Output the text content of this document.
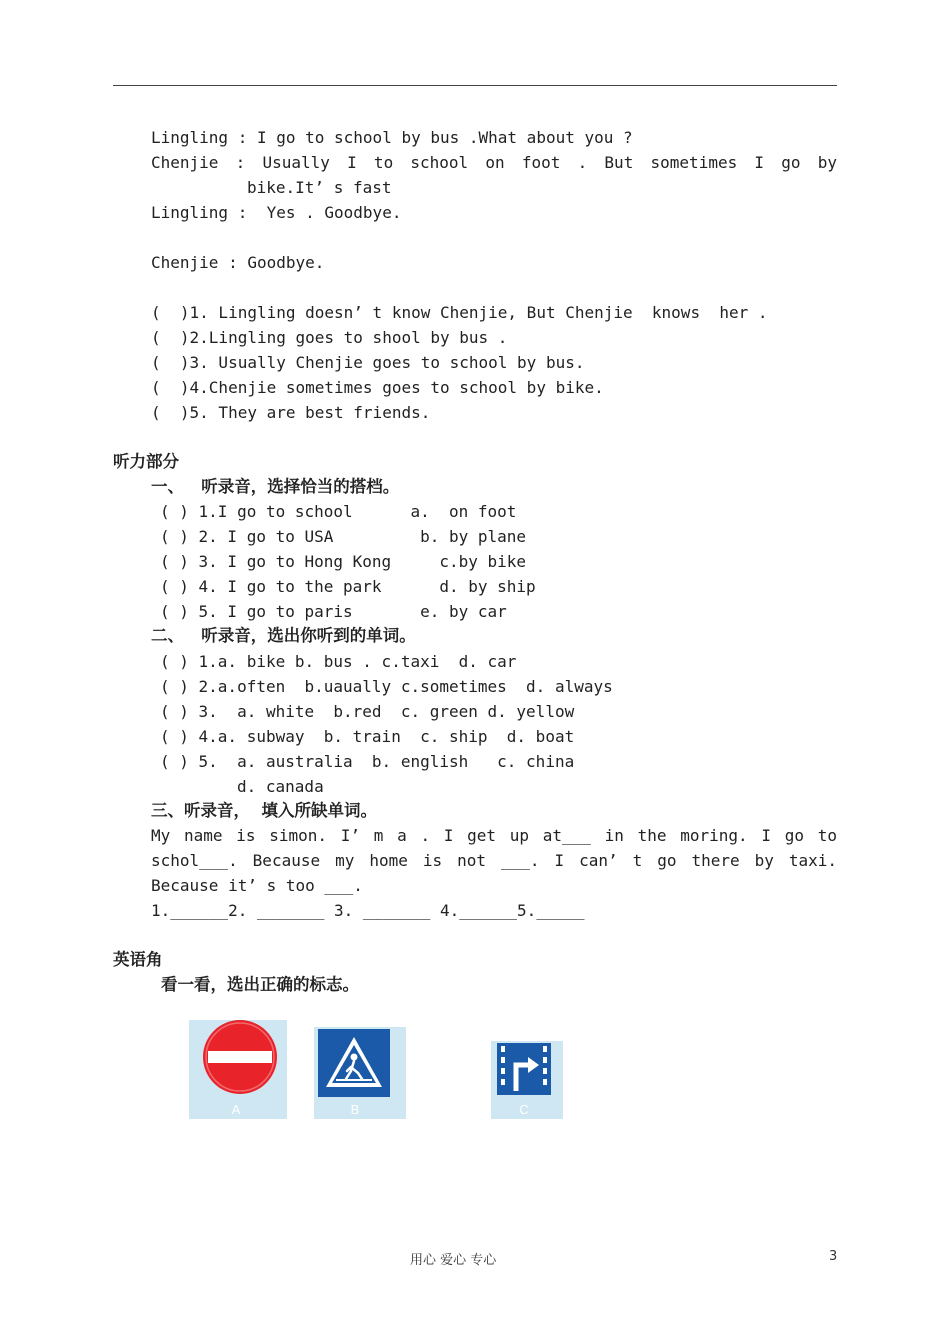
Lingling : I go to school by bus .What about you ?
Chenjie : Usually I to school on foot . But sometimes I go by
bike.It’ s fast
Lingling :  Yes . Goodbye.
Chenjie : Goodbye.
(  )1. Lingling doesn’ t know Chenjie, But Chenjie  knows  her .
(  )2.Lingling goes to shool by bus .
(  )3. Usually Chenjie goes to school by bus.
(  )4.Chenjie sometimes goes to school by bike.
(  )5. They are best friends.
听力部分
一、   听录音，选择恰当的搭档。
( ) 1.I go to school      a.  on foot
( ) 2. I go to USA         b. by plane
( ) 3. I go to Hong Kong     c.by bike
( ) 4. I go to the park      d. by ship
( ) 5. I go to paris       e. by car
二、   听录音，选出你听到的单词。
( ) 1.a. bike b. bus . c.taxi  d. car
( ) 2.a.often  b.uaually c.sometimes  d. always
( ) 3.  a. white  b.red  c. green d. yellow
( ) 4.a. subway  b. train  c. ship  d. boat
( ) 5.  a. australia  b. english   c. china
d. canada
三、听录音，  填入所缺单词。
My name is simon. I’ m a . I get up at___ in the moring. I go to
schol___. Because my home is not ___. I can’ t go there by taxi.
Because it’ s too ___.
1.______2. _______ 3. _______ 4.______5._____
英语角
看一看，选出正确的标志。
A	B	C
用心 爱心 专心	3
